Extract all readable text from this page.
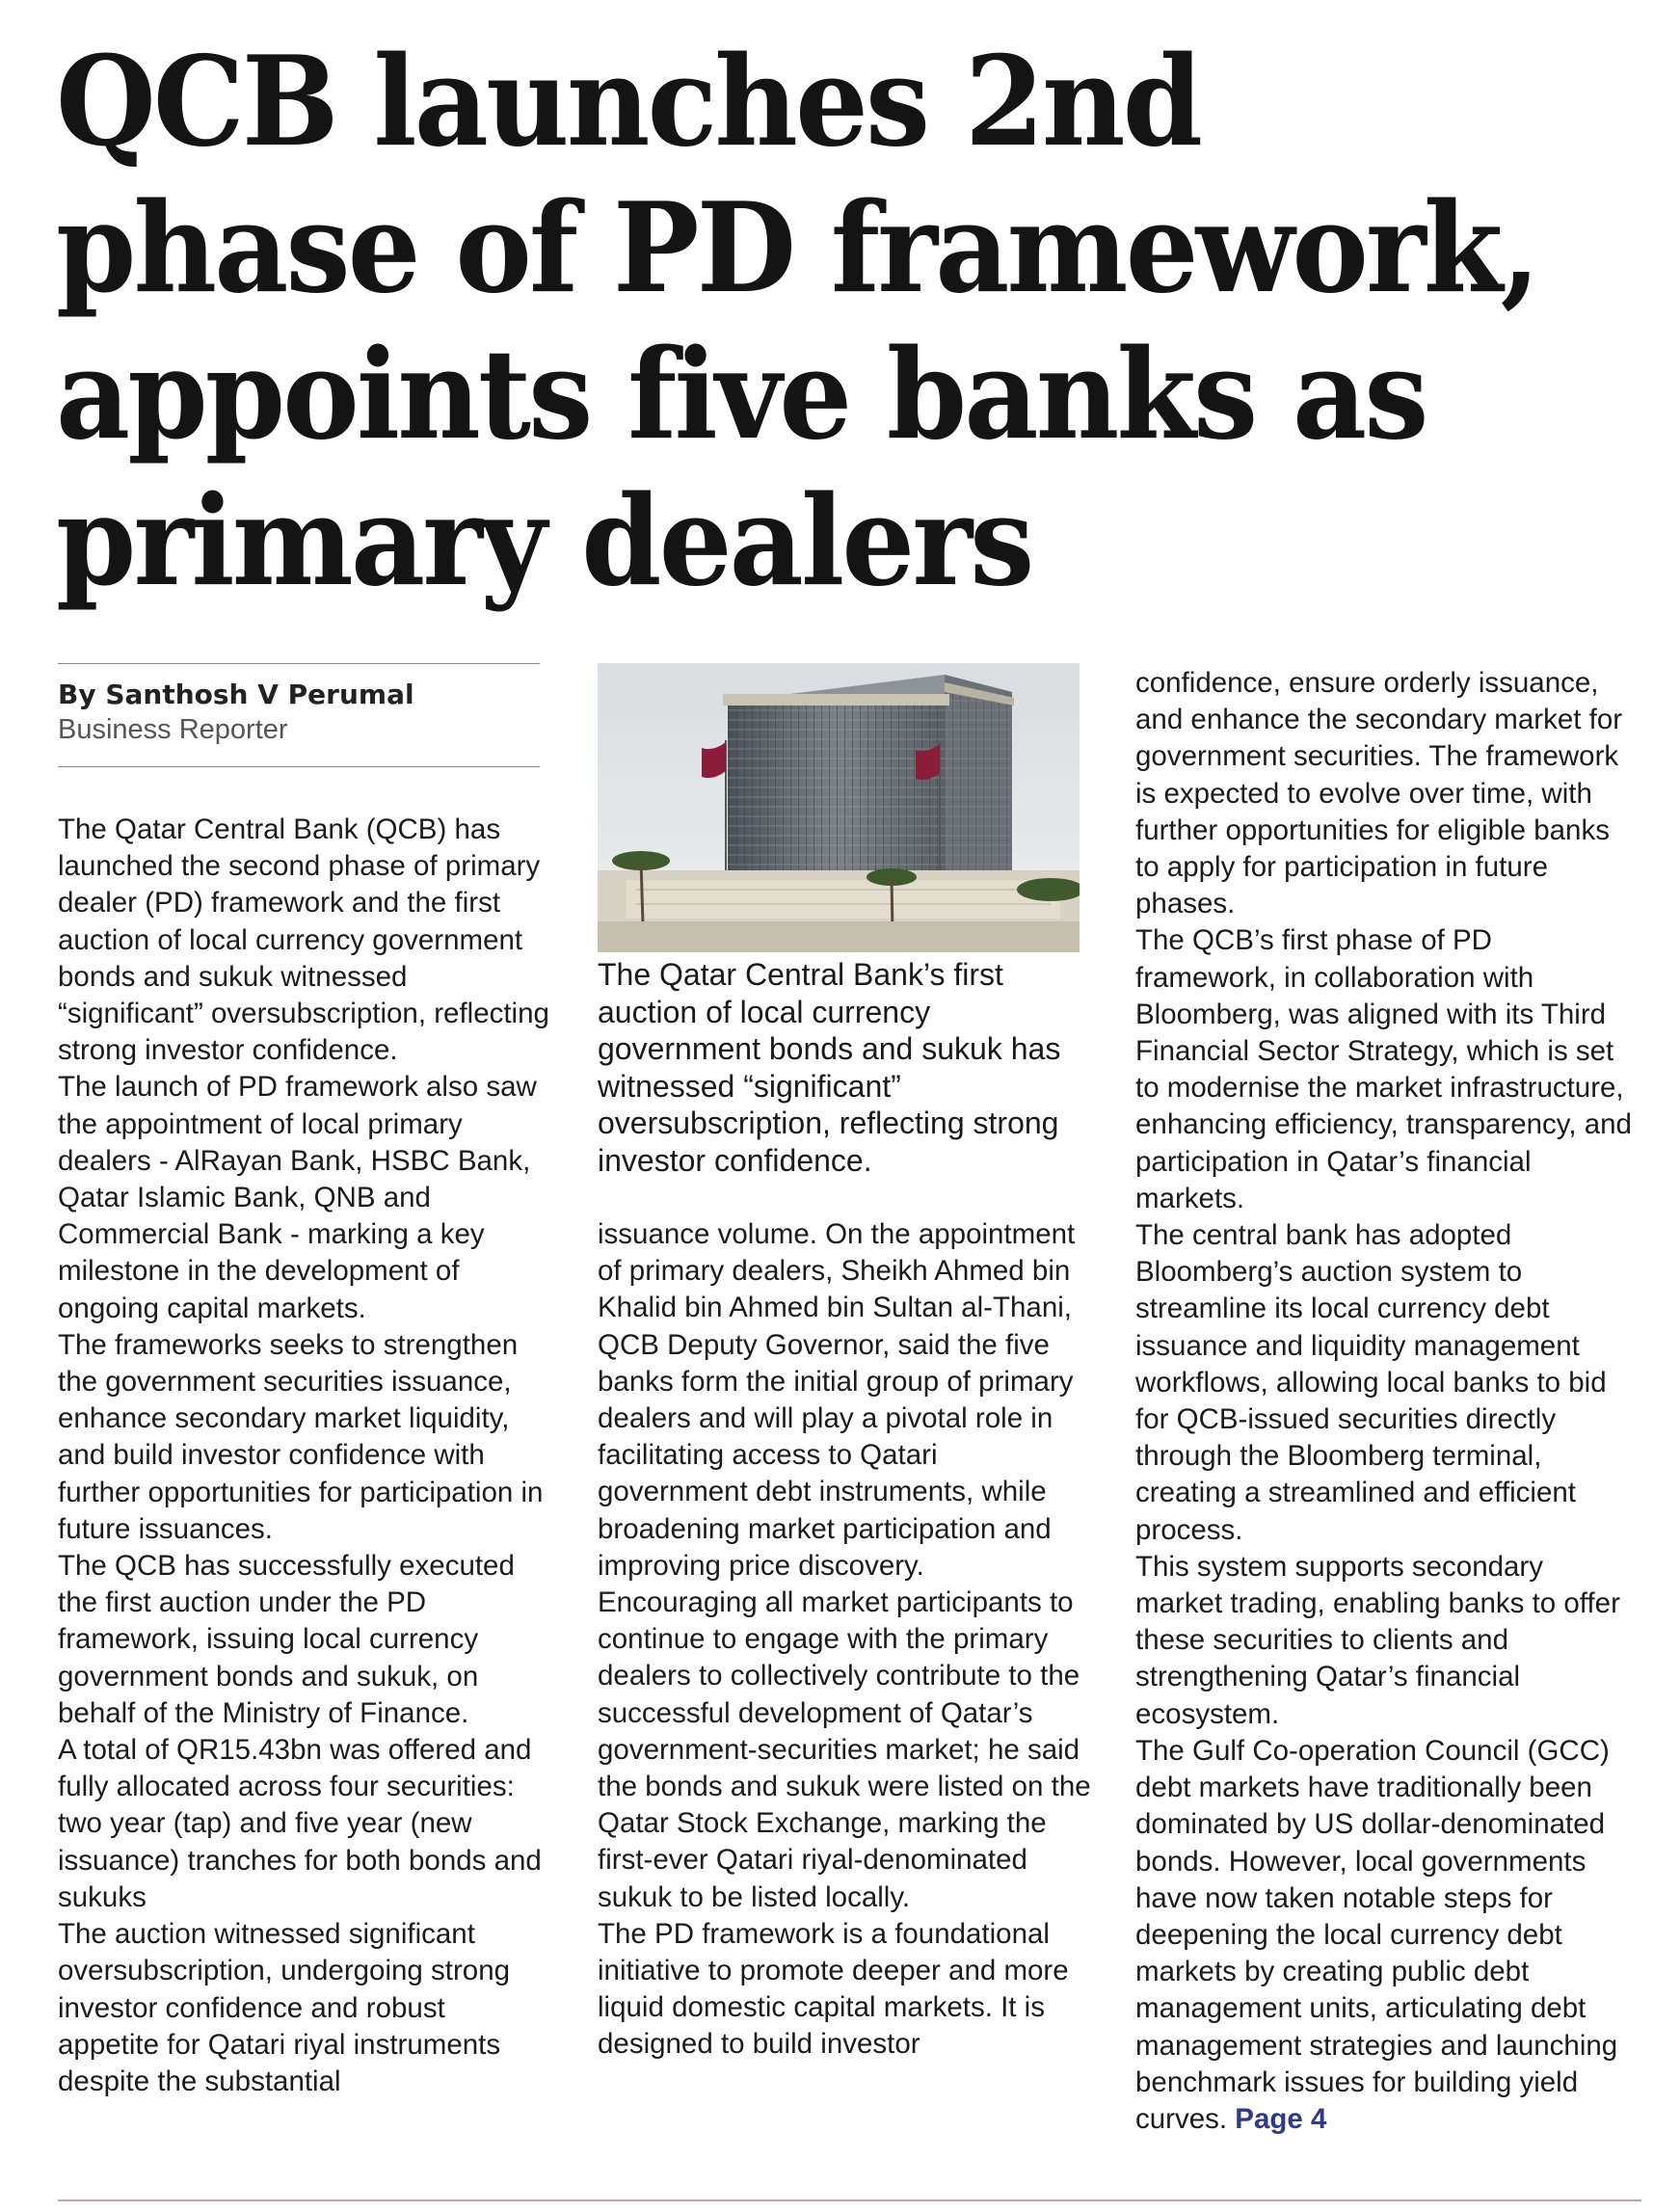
QCB launches 2nd
phase of PD framework,
appoints five banks as
primary dealers
By Santhosh V Perumal
Business Reporter

The Qatar Central Bank (QCB) has launched the second phase of primary dealer (PD) framework and the first auction of local currency government bonds and sukuk witnessed “significant” oversubscription, reflecting strong investor confidence.

The launch of PD framework also saw the appointment of local primary dealers - AlRayan Bank, HSBC Bank, Qatar Islamic Bank, QNB and Commercial Bank - marking a key milestone in the development of ongoing capital markets.

The frameworks seeks to strengthen the government securities issuance, enhance secondary market liquidity, and build investor confidence with further opportunities for participation in future issuances.

The QCB has successfully executed the first auction under the PD framework, issuing local currency government bonds and sukuk, on behalf of the Ministry of Finance.

A total of QR15.43bn was offered and fully allocated across four securities: two year (tap) and five year (new issuance) tranches for both bonds and sukuks

The auction witnessed significant oversubscription, undergoing strong investor confidence and robust appetite for Qatari riyal instruments despite the substantial

The Qatar Central Bank’s first auction of local currency government bonds and sukuk has witnessed “significant” oversubscription, reflecting strong investor confidence.

issuance volume. On the appointment of primary dealers, Sheikh Ahmed bin Khalid bin Ahmed bin Sultan al-Thani, QCB Deputy Governor, said the five banks form the initial group of primary dealers and will play a pivotal role in facilitating access to Qatari government debt instruments, while broadening market participation and improving price discovery.

Encouraging all market participants to continue to engage with the primary dealers to collectively contribute to the successful development of Qatar’s government-securities market; he said the bonds and sukuk were listed on the Qatar Stock Exchange, marking the first-ever Qatari riyal-denominated sukuk to be listed locally.

The PD framework is a foundational initiative to promote deeper and more liquid domestic capital markets. It is designed to build investor

confidence, ensure orderly issuance, and enhance the secondary market for government securities. The framework is expected to evolve over time, with further opportunities for eligible banks to apply for participation in future phases.

The QCB’s first phase of PD framework, in collaboration with Bloomberg, was aligned with its Third Financial Sector Strategy, which is set to modernise the market infrastructure, enhancing efficiency, transparency, and participation in Qatar’s financial markets.

The central bank has adopted Bloomberg’s auction system to streamline its local currency debt issuance and liquidity management workflows, allowing local banks to bid for QCB-issued securities directly through the Bloomberg terminal, creating a streamlined and efficient process.

This system supports secondary market trading, enabling banks to offer these securities to clients and strengthening Qatar’s financial ecosystem.

The Gulf Co-operation Council (GCC) debt markets have traditionally been dominated by US dollar-denominated bonds. However, local governments have now taken notable steps for deepening the local currency debt markets by creating public debt management units, articulating debt management strategies and launching benchmark issues for building yield curves. Page 4
